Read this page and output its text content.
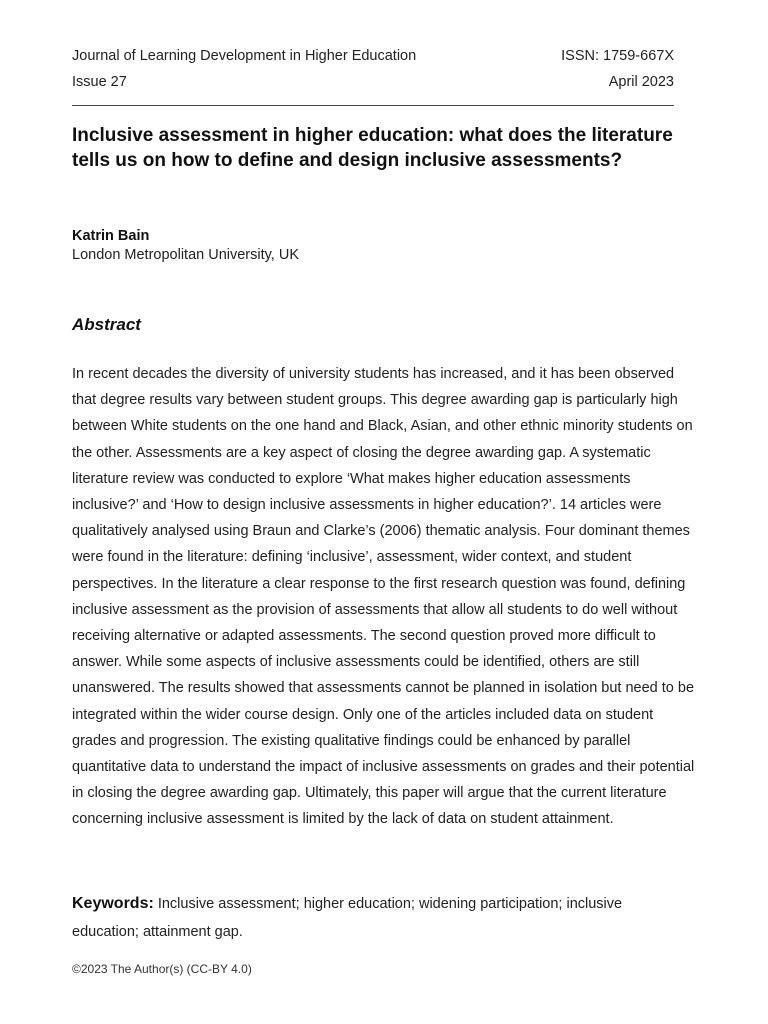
Journal of Learning Development in Higher Education	ISSN: 1759-667X
Issue 27	April 2023
Inclusive assessment in higher education: what does the literature tells us on how to define and design inclusive assessments?
Katrin Bain
London Metropolitan University, UK
Abstract

In recent decades the diversity of university students has increased, and it has been observed that degree results vary between student groups. This degree awarding gap is particularly high between White students on the one hand and Black, Asian, and other ethnic minority students on the other. Assessments are a key aspect of closing the degree awarding gap. A systematic literature review was conducted to explore ‘What makes higher education assessments inclusive?’ and ‘How to design inclusive assessments in higher education?’. 14 articles were qualitatively analysed using Braun and Clarke’s (2006) thematic analysis. Four dominant themes were found in the literature: defining ‘inclusive’, assessment, wider context, and student perspectives. In the literature a clear response to the first research question was found, defining inclusive assessment as the provision of assessments that allow all students to do well without receiving alternative or adapted assessments. The second question proved more difficult to answer. While some aspects of inclusive assessments could be identified, others are still unanswered. The results showed that assessments cannot be planned in isolation but need to be integrated within the wider course design. Only one of the articles included data on student grades and progression. The existing qualitative findings could be enhanced by parallel quantitative data to understand the impact of inclusive assessments on grades and their potential in closing the degree awarding gap. Ultimately, this paper will argue that the current literature concerning inclusive assessment is limited by the lack of data on student attainment.

Keywords: Inclusive assessment; higher education; widening participation; inclusive education; attainment gap.

©2023 The Author(s) (CC-BY 4.0)
